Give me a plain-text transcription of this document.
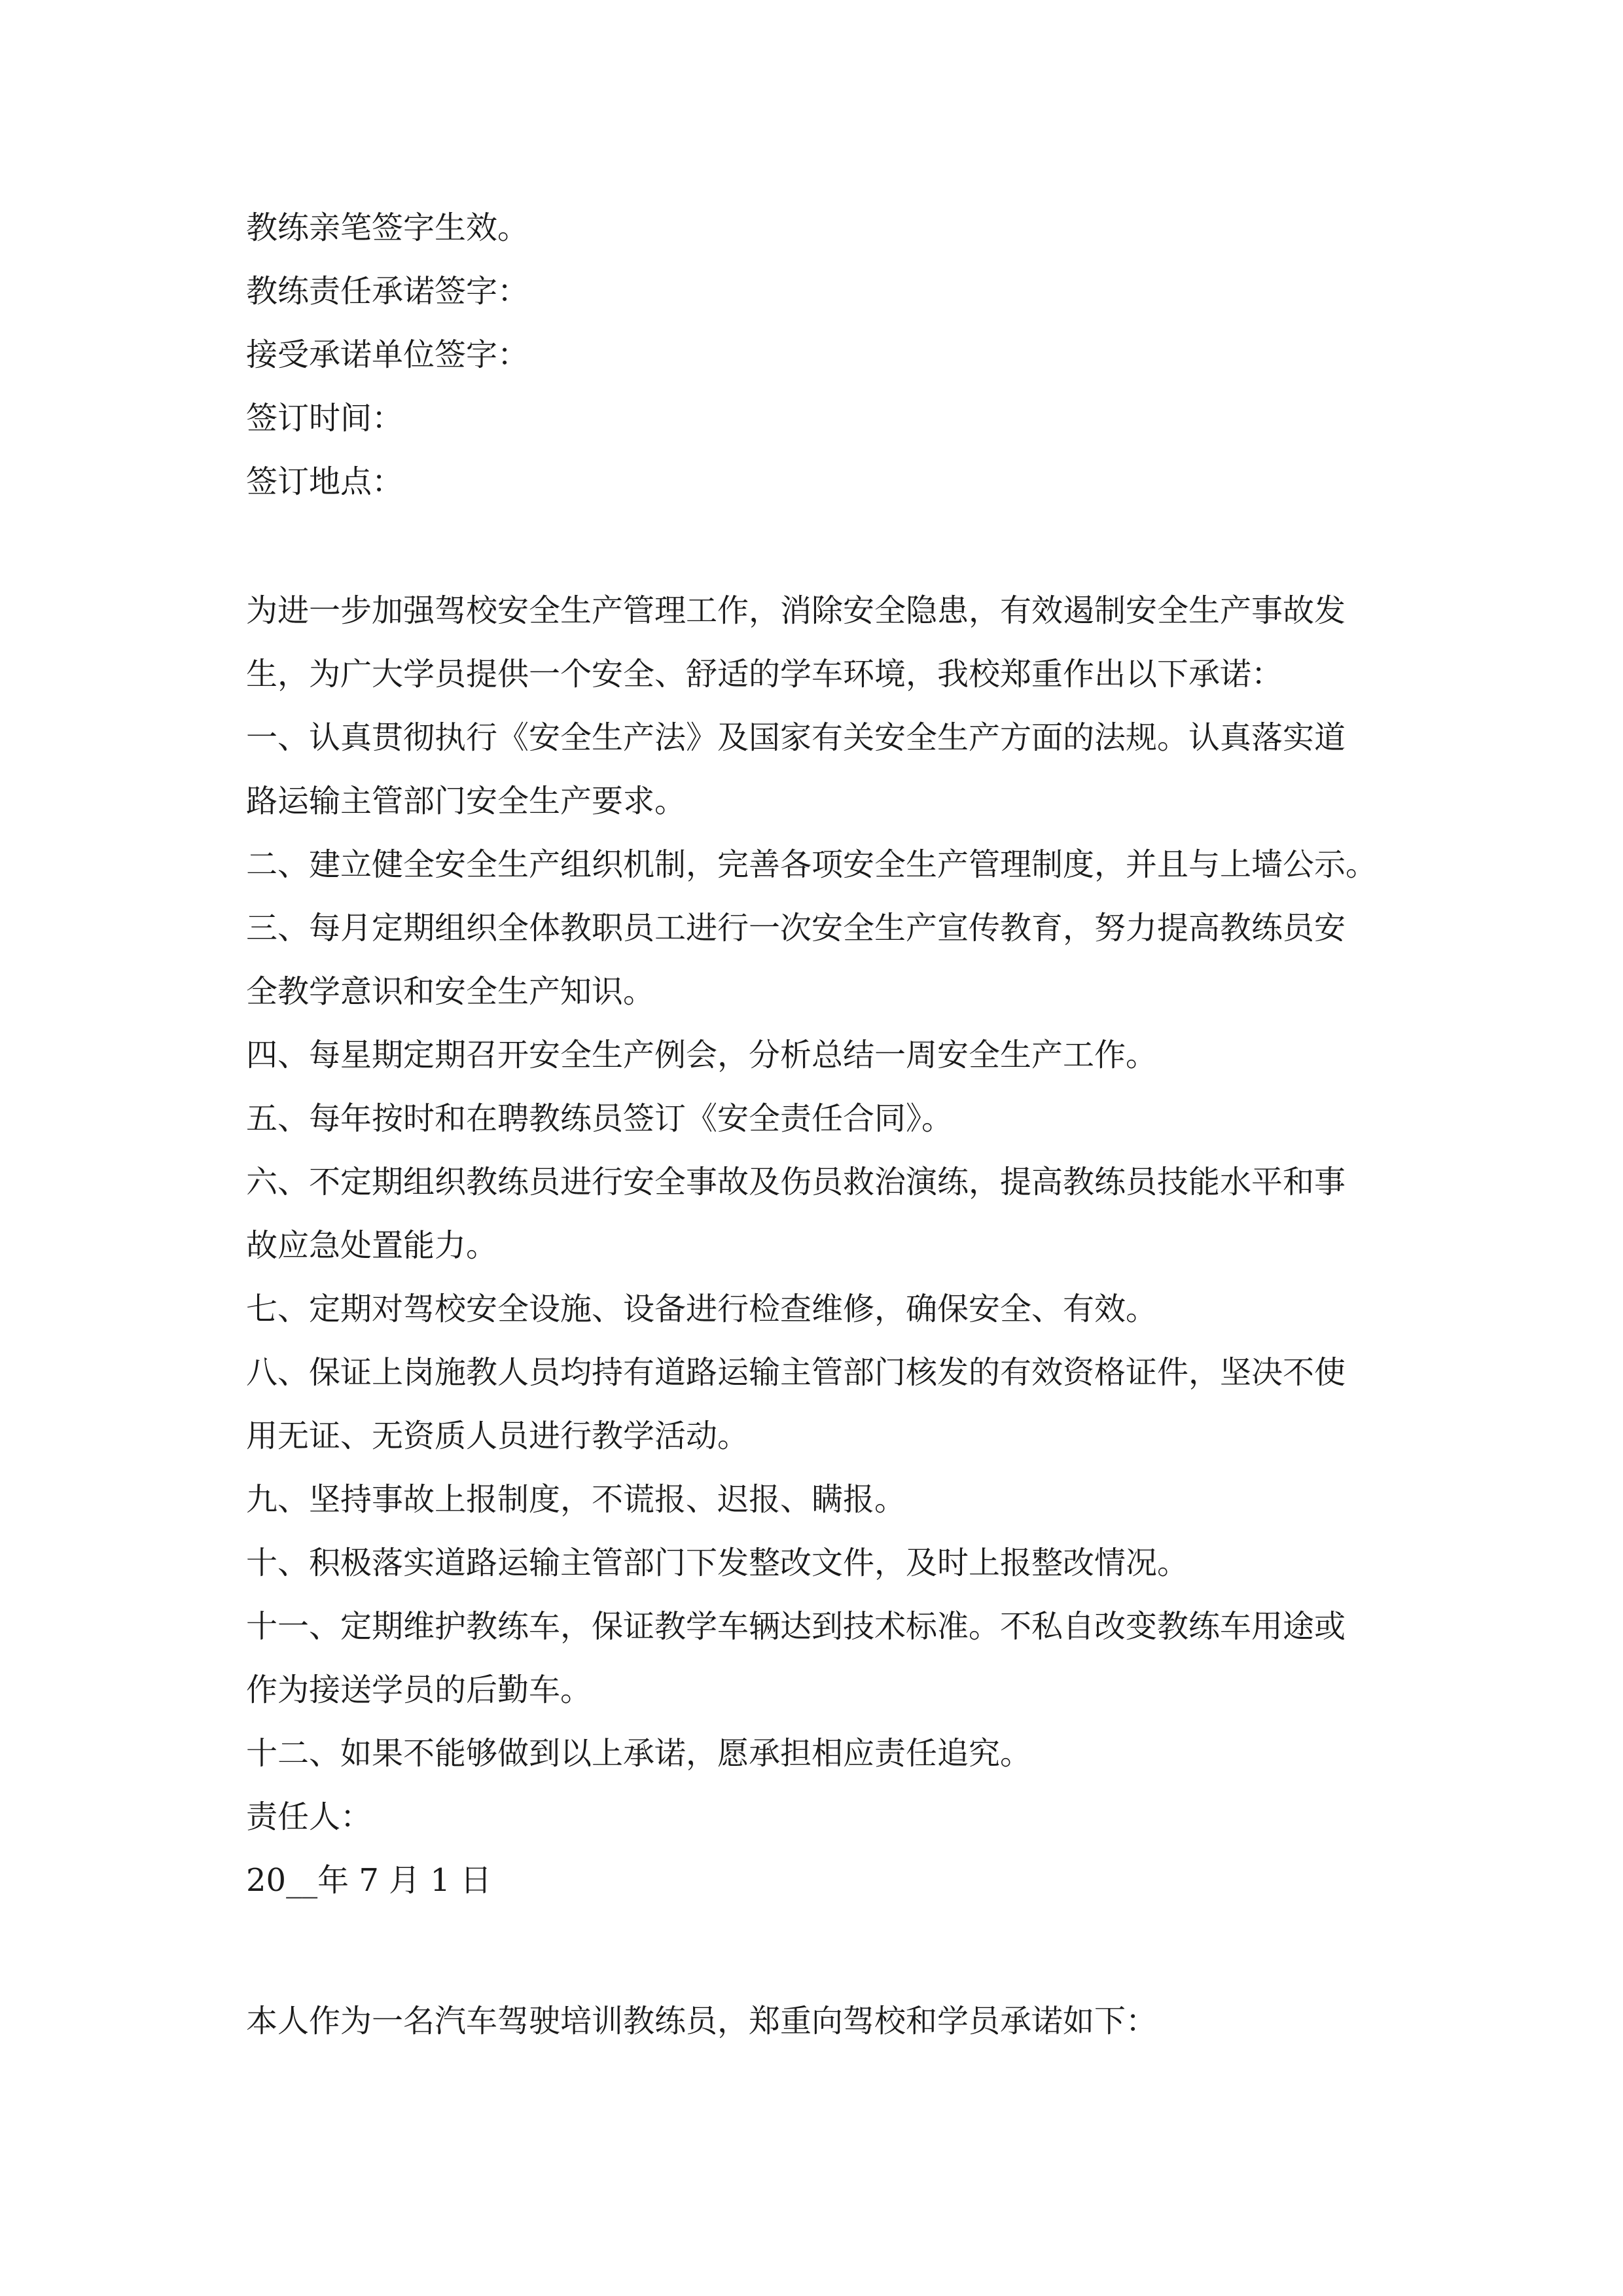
教练亲笔签字生效。
教练责任承诺签字：
接受承诺单位签字：
签订时间：
签订地点：
为进一步加强驾校安全生产管理工作，消除安全隐患，有效遏制安全生产事故发
生，为广大学员提供一个安全、舒适的学车环境，我校郑重作出以下承诺：
一、认真贯彻执行《安全生产法》及国家有关安全生产方面的法规。认真落实道
路运输主管部门安全生产要求。
二、建立健全安全生产组织机制，完善各项安全生产管理制度，并且与上墙公示。
三、每月定期组织全体教职员工进行一次安全生产宣传教育，努力提高教练员安
全教学意识和安全生产知识。
四、每星期定期召开安全生产例会，分析总结一周安全生产工作。
五、每年按时和在聘教练员签订《安全责任合同》。
六、不定期组织教练员进行安全事故及伤员救治演练，提高教练员技能水平和事
故应急处置能力。
七、定期对驾校安全设施、设备进行检查维修，确保安全、有效。
八、保证上岗施教人员均持有道路运输主管部门核发的有效资格证件，坚决不使
用无证、无资质人员进行教学活动。
九、坚持事故上报制度，不谎报、迟报、瞒报。
十、积极落实道路运输主管部门下发整改文件，及时上报整改情况。
十一、定期维护教练车，保证教学车辆达到技术标准。不私自改变教练车用途或
作为接送学员的后勤车。
十二、如果不能够做到以上承诺，愿承担相应责任追究。
责任人：
20__年 7 月 1 日
本人作为一名汽车驾驶培训教练员，郑重向驾校和学员承诺如下：
